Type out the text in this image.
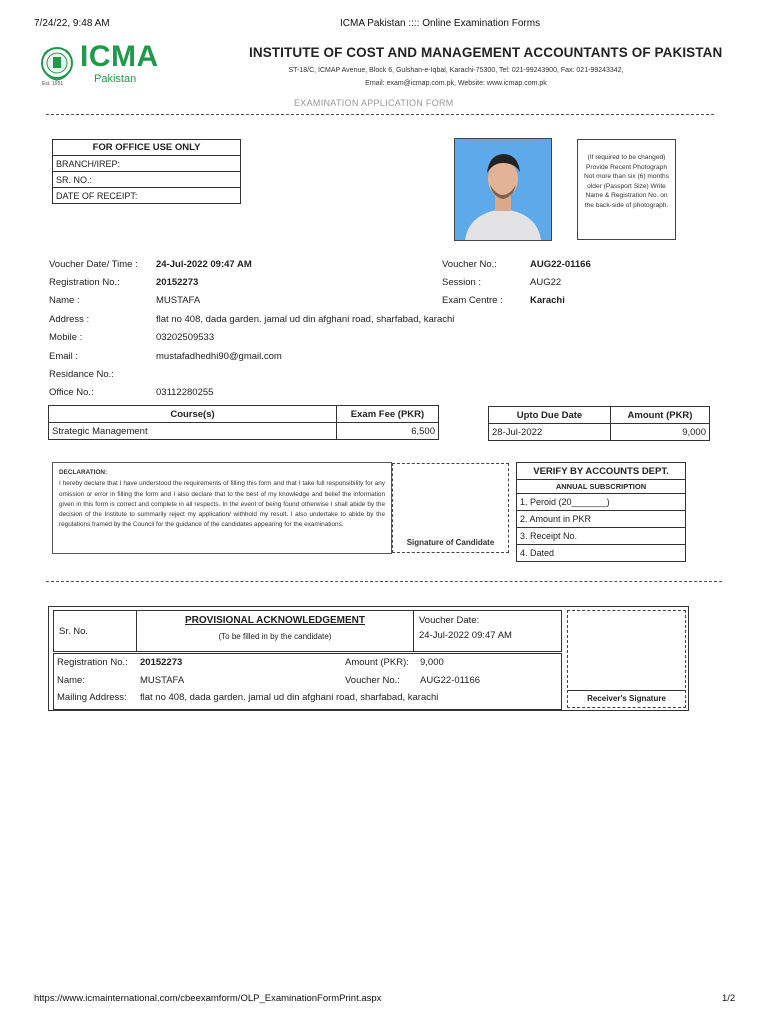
7/24/22, 9:48 AM	ICMA Pakistan :::: Online Examination Forms
Est. 1951
ICMA
Pakistan
INSTITUTE OF COST AND MANAGEMENT ACCOUNTANTS OF PAKISTAN
ST-18/C, ICMAP Avenue, Block 6, Gulshan-e-Iqbal, Karachi-75300, Tel: 021-99243900, Fax: 021-99243342,
Email: exam@icmap.com.pk, Website: www.icmap.com.pk
EXAMINATION APPLICATION FORM
FOR OFFICE USE ONLY
BRANCH/IREP:
SR. NO.:
DATE OF RECEIPT:
(If required to be changed) Provide Recent Photograph Not more than six (6) months older (Passport Size) Write Name & Registration No. on the back-side of photograph.
Voucher Date/ Time : 24-Jul-2022 09:47 AM
Registration No.:	20152273
Name :	MUSTAFA
Address :	flat no 408, dada garden. jamal ud din afghani road, sharfabad, karachi
Mobile :	03202509533
Email :	mustafadhedhi90@gmail.com
Residance No.:
Office No.:	03112280255
Voucher No.:	AUG22-01166
Session :	AUG22
Exam Centre :	Karachi
Course(s)	Exam Fee (PKR)
Strategic Management	6,500
Upto Due Date	Amount (PKR)
28-Jul-2022	9,000
DECLARATION:
I hereby declare that I have understood the requirements of filling this form and that I take full responsibility for any omission or error in filling the form and I also declare that to the best of my knowledge and belief the information given in this form is correct and complete in all respects. In the event of being found otherwise I shall abide by the decision of the Institute to summarily reject my application/ withhold my result. I also undertake to abide by the regulations framed by the Council for the guidance of the candidates appearing for the examinations.
Signature of Candidate
VERIFY BY ACCOUNTS DEPT.
ANNUAL SUBSCRIPTION
1. Peroid (20_______)
2. Amount in PKR
3. Receipt No.
4. Dated
Sr. No.	
PROVISIONAL ACKNOWLEDGEMENT
(To be filled in by the candidate)

Voucher Date:
24-Jul-2022 09:47 AM
Registration No.: 20152273	Amount (PKR): 9,000
Name:	MUSTAFA	Voucher No.: AUG22-01166
Mailing Address: flat no 408, dada garden. jamal ud din afghani road, sharfabad, karachi	Receiver's Signature
https://www.icmainternational.com/cbeexamform/OLP_ExaminationFormPrint.aspx	1/2
